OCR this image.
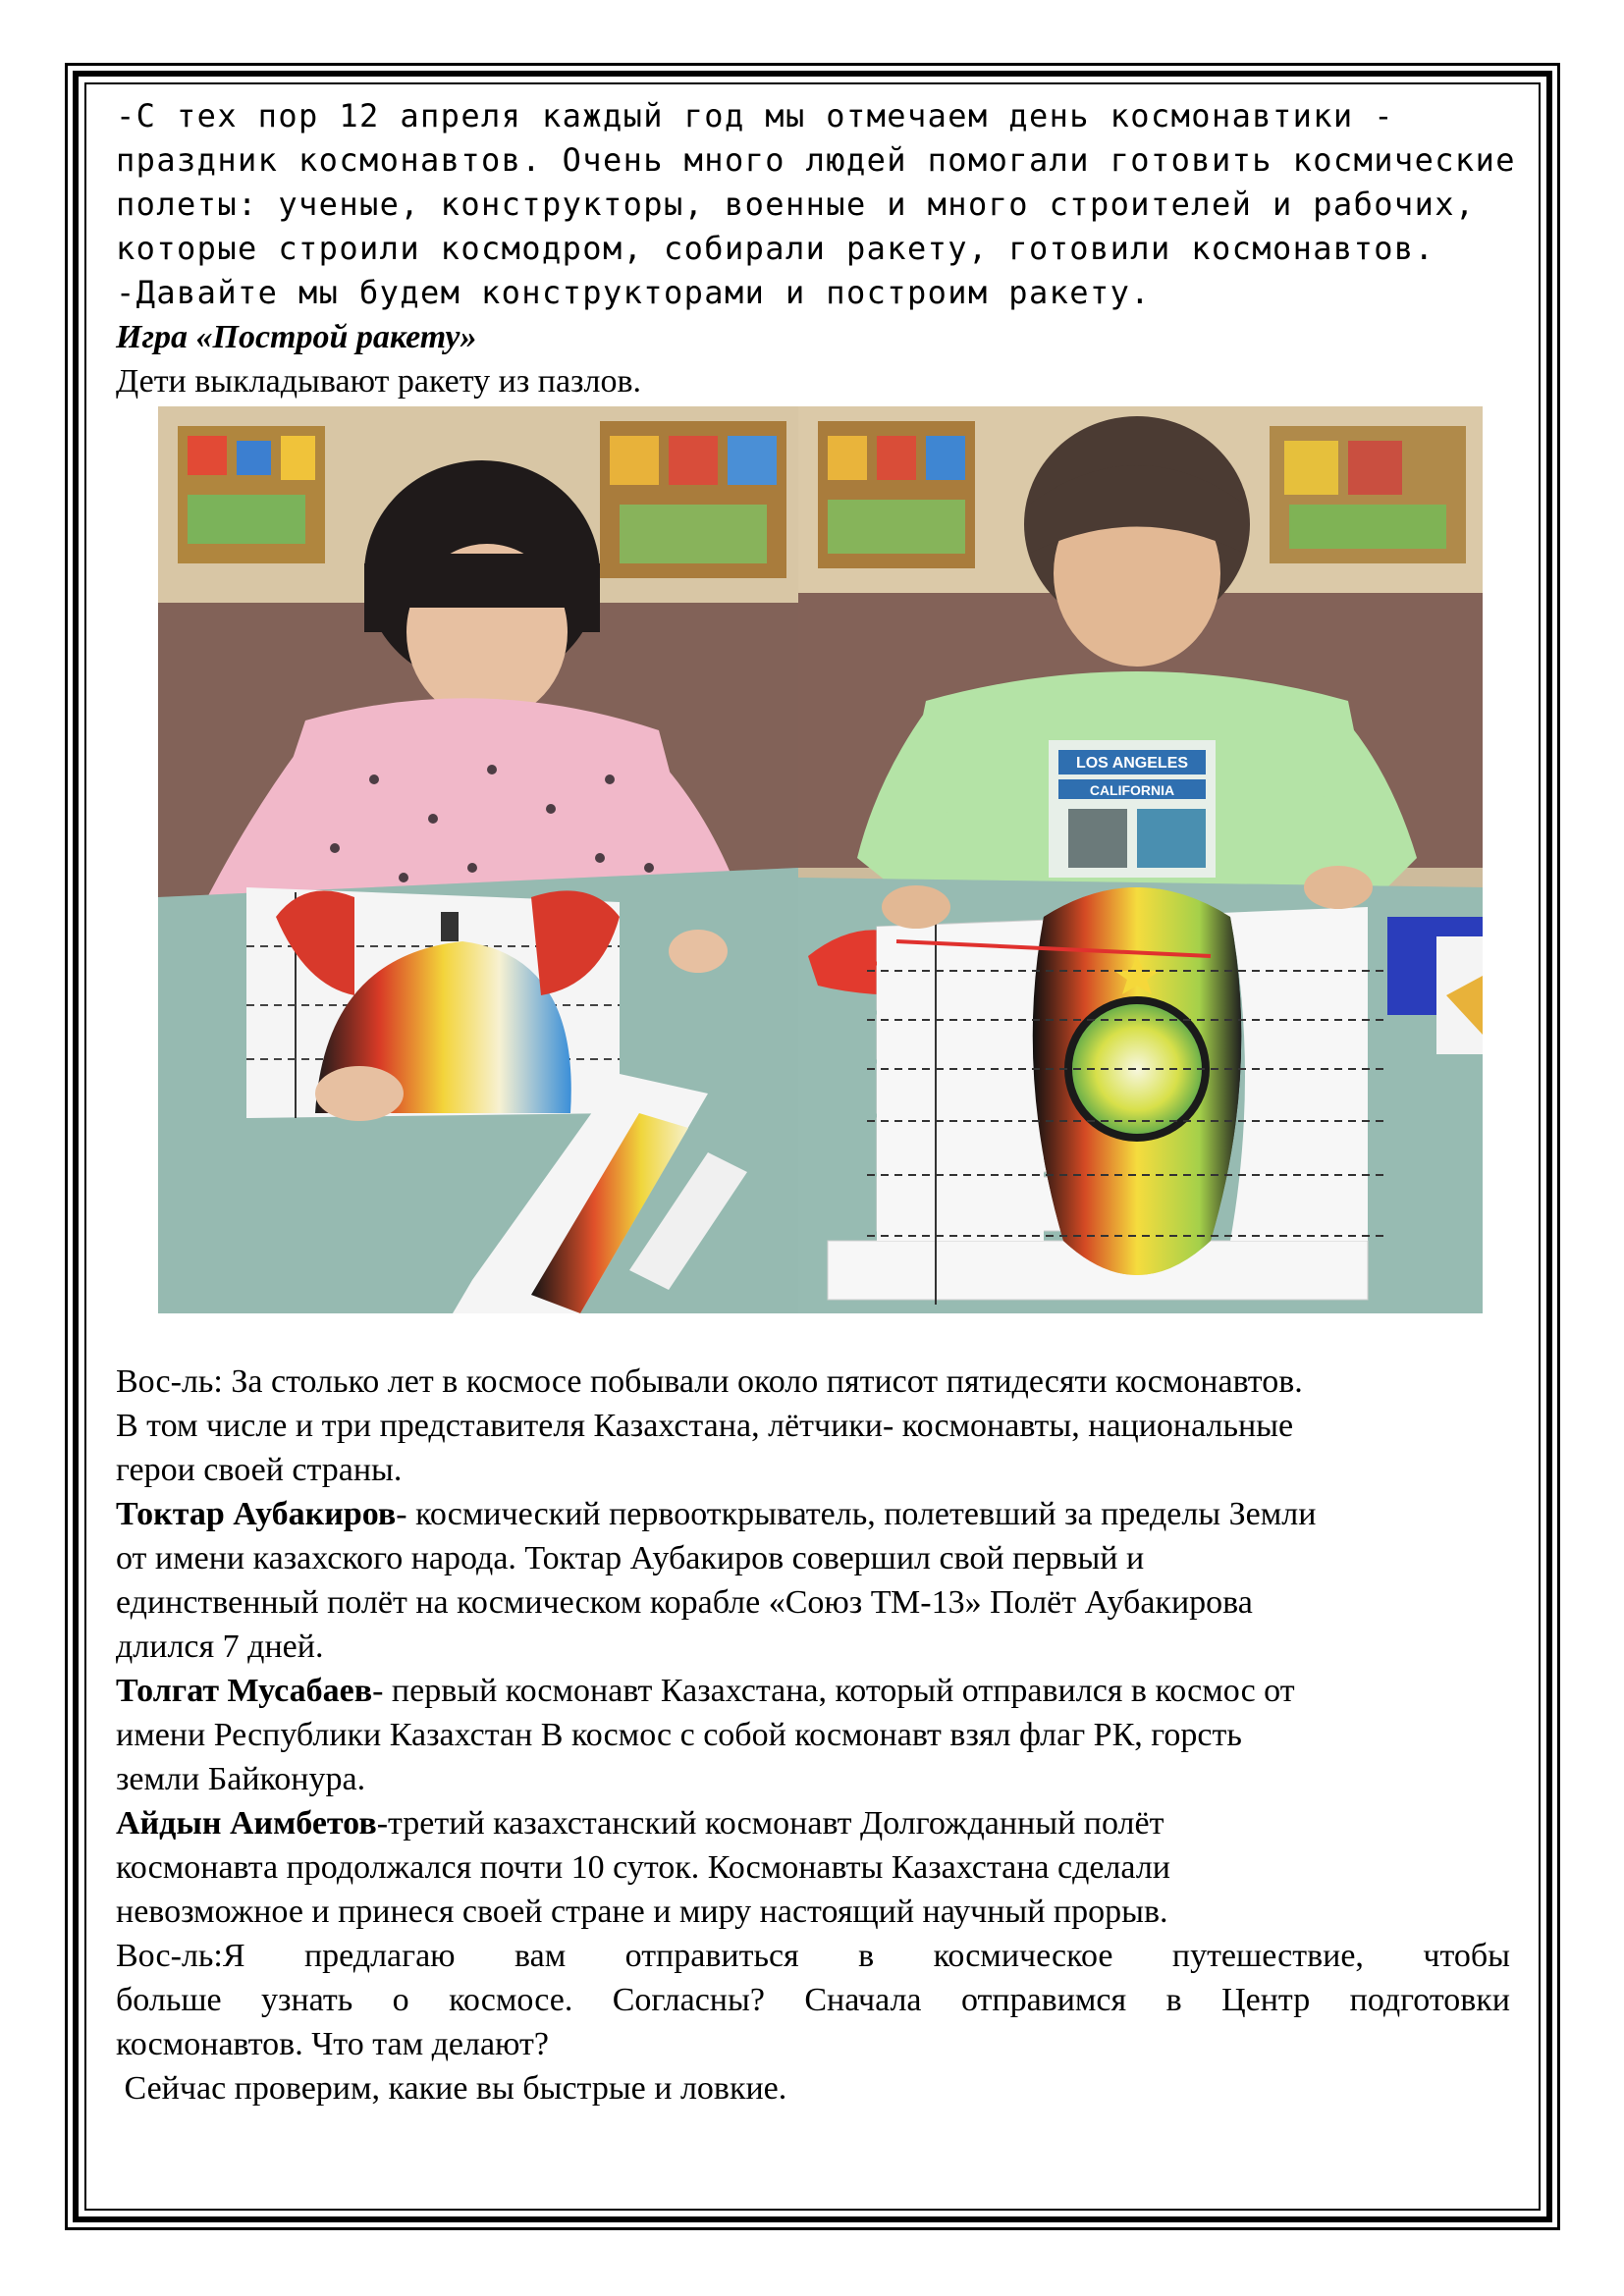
-С тех пор 12 апреля каждый год мы отмечаем день космонавтики -
праздник космонавтов. Очень много людей помогали готовить космические
полеты: ученые, конструкторы, военные и много строителей и рабочих,
которые строили космодром, собирали ракету, готовили космонавтов.
-Давайте мы будем конструкторами и построим ракету.
Игра «Построй ракету»
Дети выкладывают ракету из пазлов.
LOS ANGELES
CALIFORNIA
Вос-ль: За столько лет в космосе побывали около пятисот пятидесяти космонавтов.
В том числе и три представителя Казахстана, лётчики- космонавты, национальные
герои своей страны.
Токтар Аубакиров- космический первооткрыватель, полетевший за пределы Земли
от имени казахского народа. Токтар Аубакиров совершил свой первый и
единственный полёт на космическом корабле «Союз ТМ-13» Полёт Аубакирова
длился 7 дней.
Толгат Мусабаев- первый космонавт Казахстана, который отправился в космос от
имени Республики Казахстан В космос с собой космонавт взял флаг РК, горсть
земли Байконура.
Айдын Аимбетов-третий казахстанский космонавт Долгожданный полёт
космонавта продолжался почти 10 суток. Космонавты Казахстана сделали
невозможное и принеся своей стране и миру настоящий научный прорыв.
Вос-ль:Я предлагаю вам отправиться в космическое путешествие, чтобы
больше узнать о космосе. Согласны? Сначала отправимся в Центр подготовки
космонавтов. Что там делают?
Сейчас проверим, какие вы быстрые и ловкие.
